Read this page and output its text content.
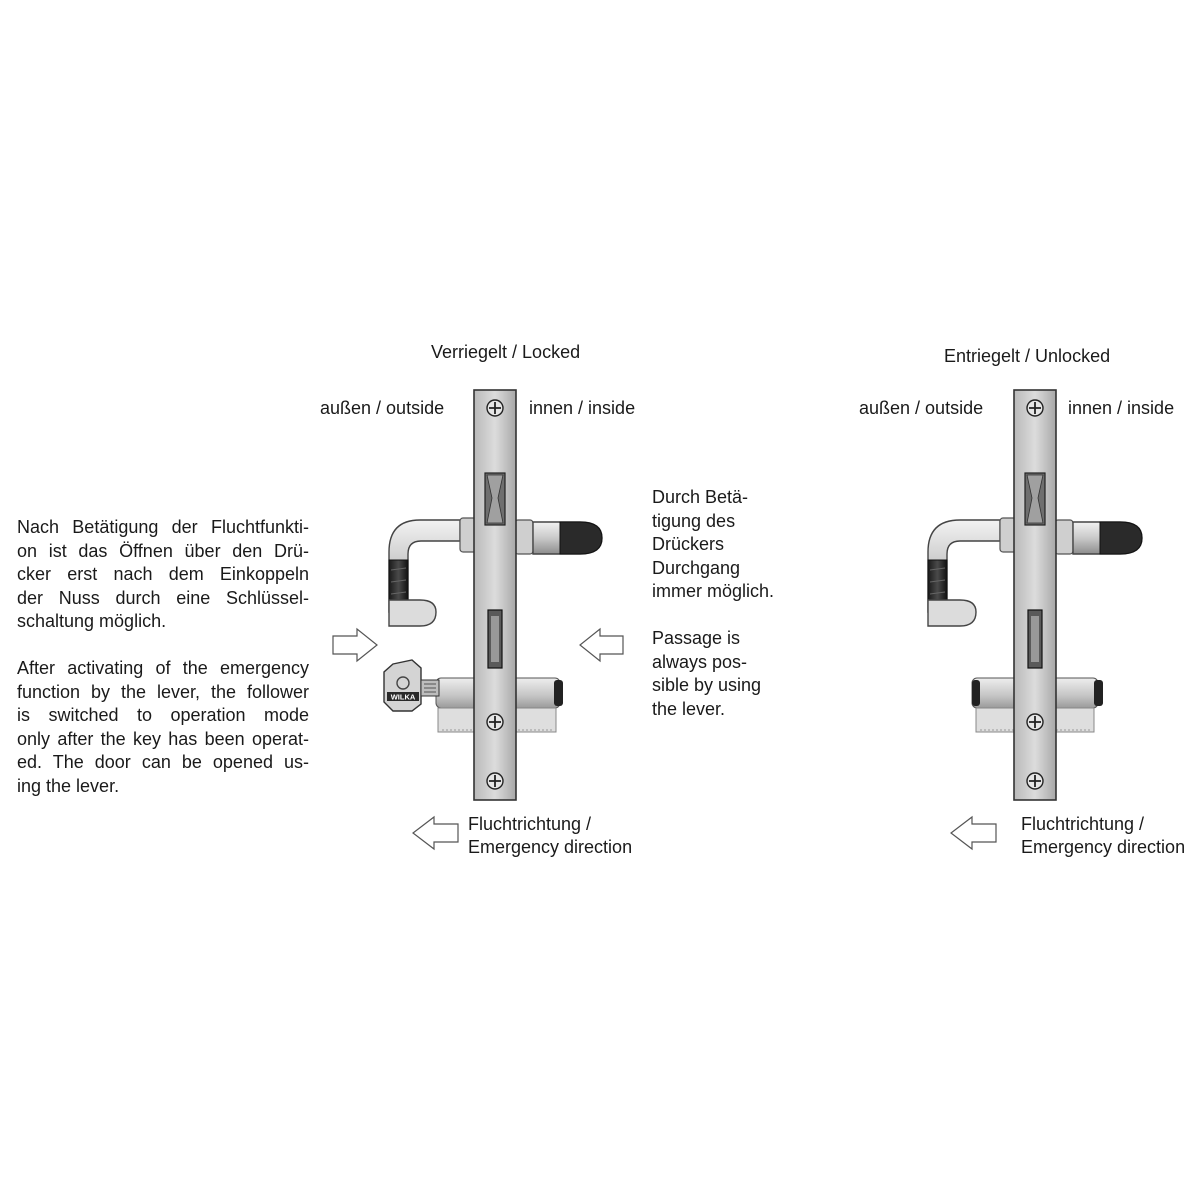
WILKA
Verriegelt / Locked
außen / outside	innen / inside
Fluchtrichtung /
Emergency direction
Entriegelt / Unlocked
außen / outside	innen / inside
Fluchtrichtung /
Emergency direction
Nach Betätigung der Fluchtfunkti-
on ist das Öffnen über den Drü-
cker erst nach dem Einkoppeln
der Nuss durch eine Schlüssel-
schaltung möglich.
After activating of the emergency
function by the lever, the follower
is switched to operation mode
only after the key has been operat-
ed. The door can be opened us-
ing the lever.
Durch Betä-
tigung des
Drückers
Durchgang
immer möglich.
Passage is
always pos-
sible by using
the lever.
